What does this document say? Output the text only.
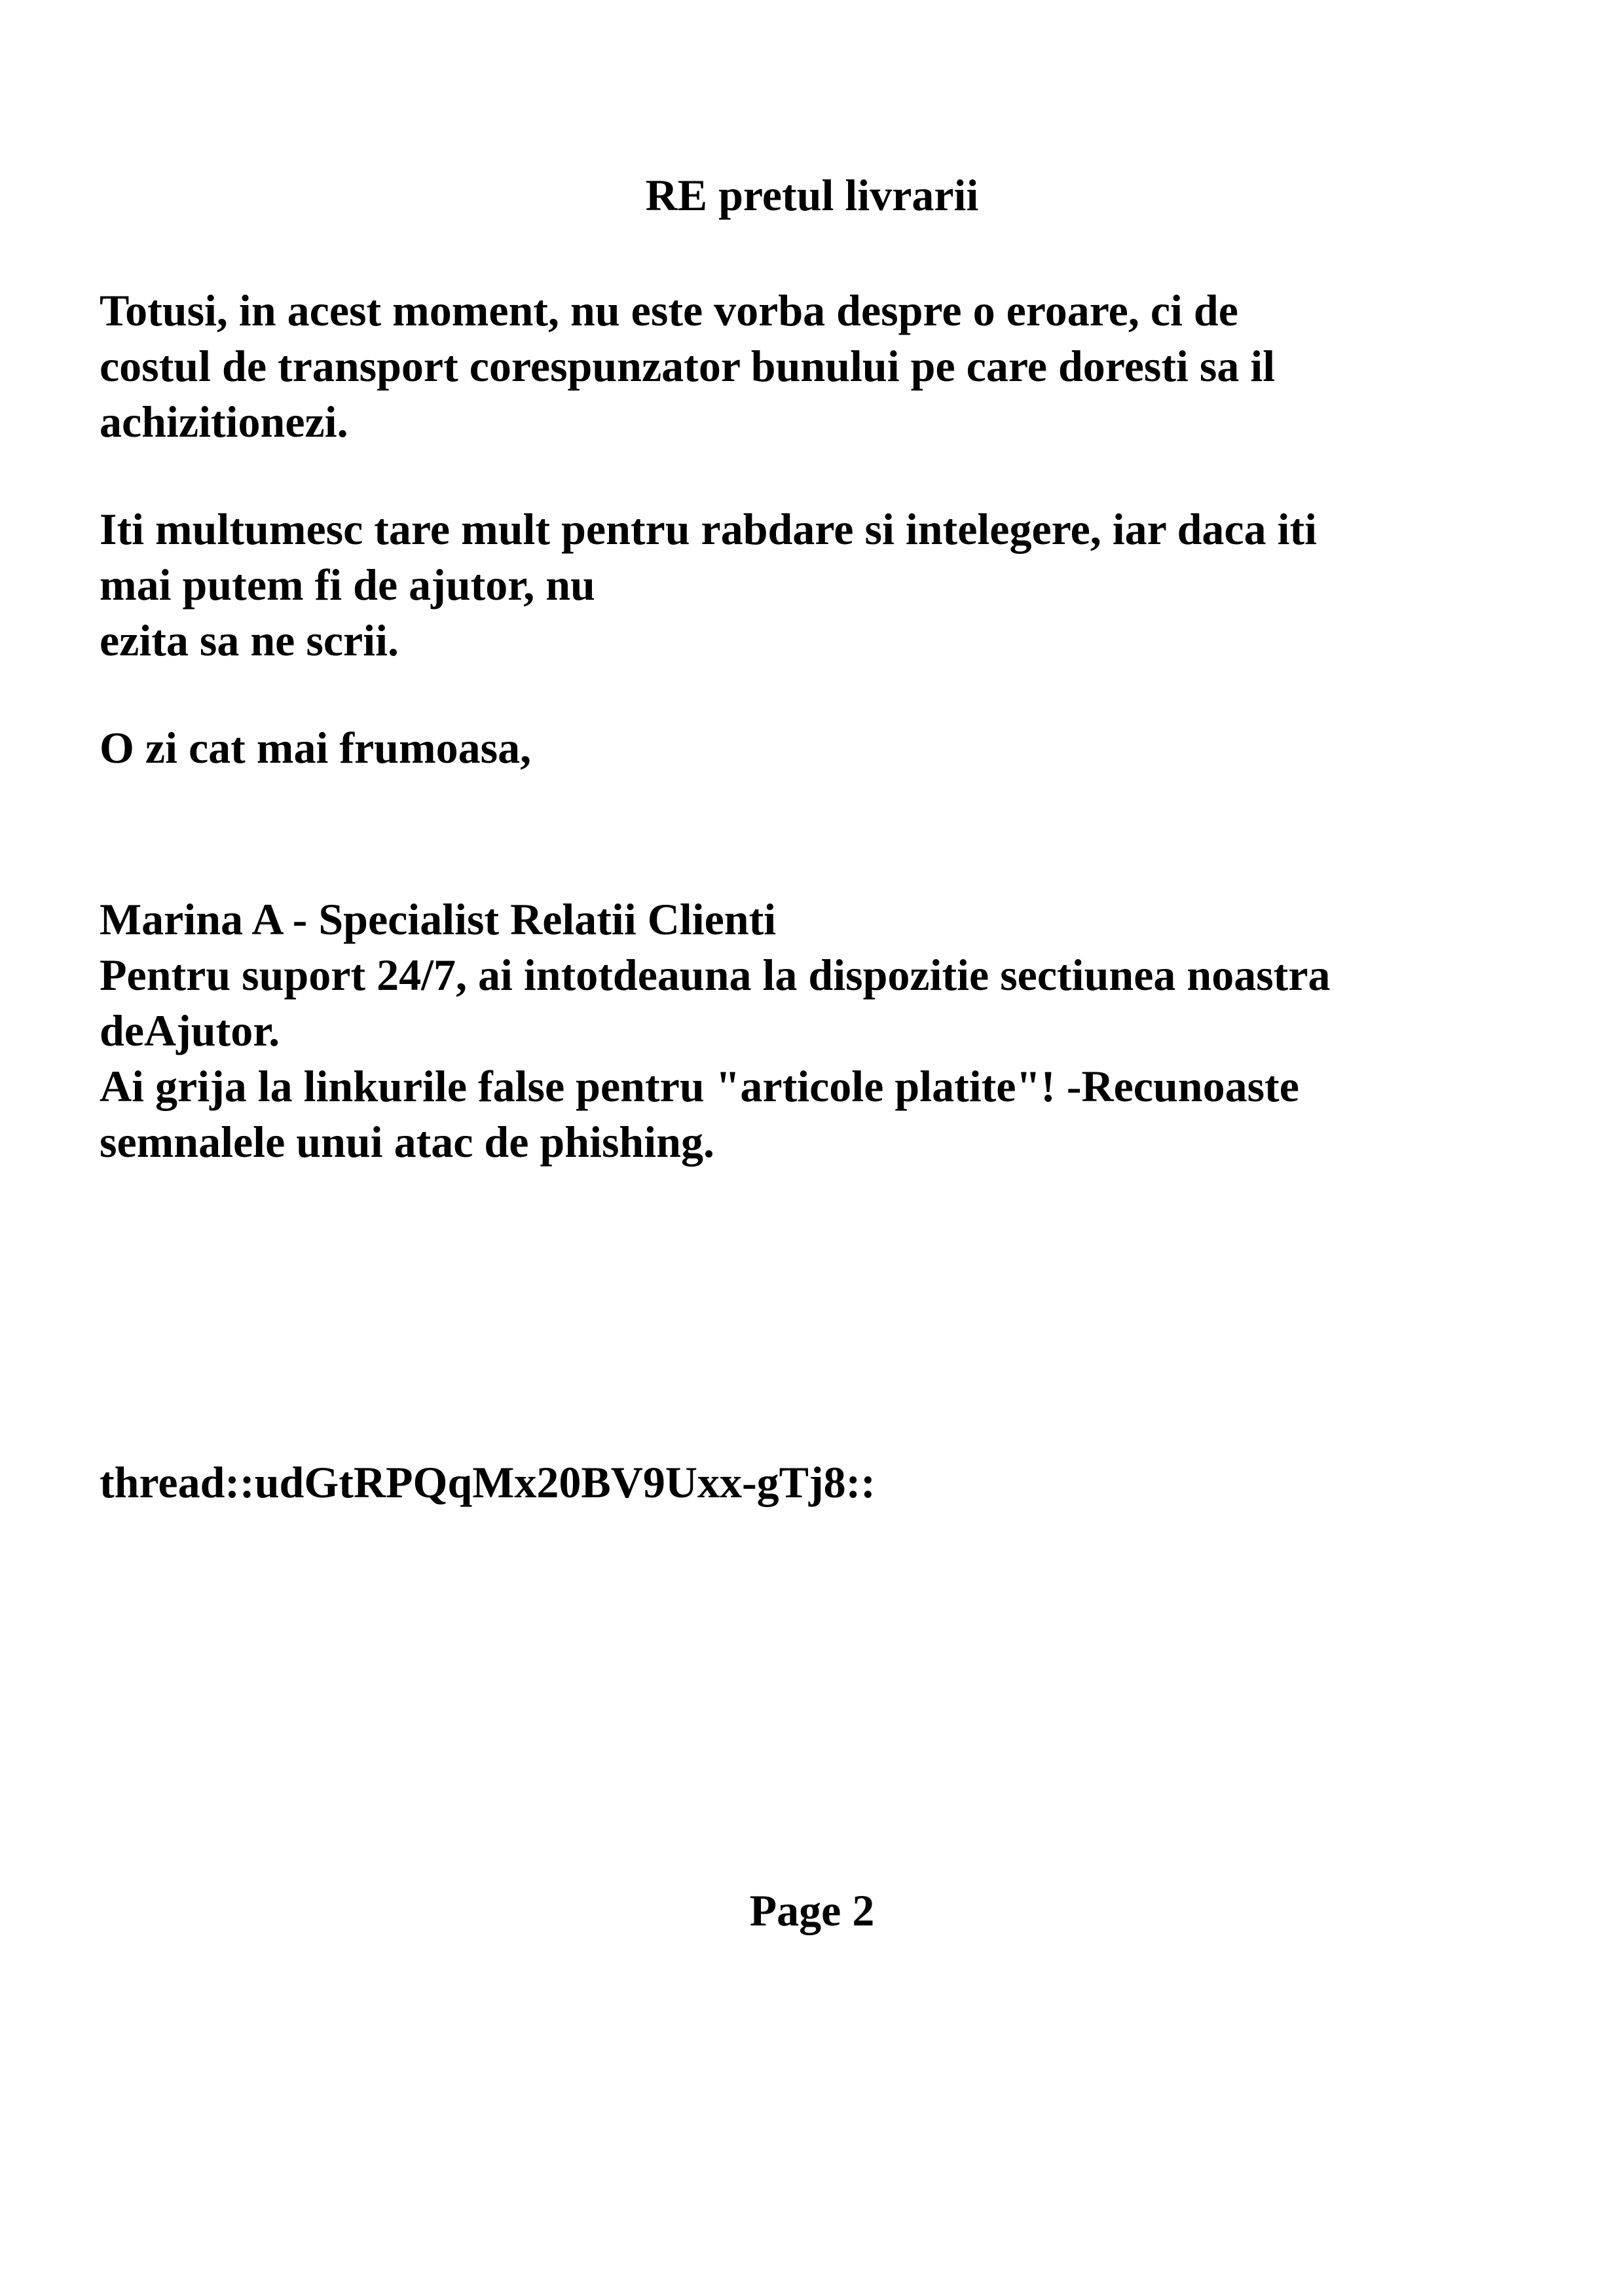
RE pretul livrarii

Totusi, in acest moment, nu este vorba despre o eroare, ci de
costul de transport corespunzator bunului pe care doresti sa il
achizitionezi.

Iti multumesc tare mult pentru rabdare si intelegere, iar daca iti
mai putem fi de ajutor, nu
ezita sa ne scrii.

O zi cat mai frumoasa,

Marina A - Specialist Relatii Clienti
Pentru suport 24/7, ai intotdeauna la dispozitie sectiunea noastra
deAjutor.
Ai grija la linkurile false pentru "articole platite"! -Recunoaste
semnalele unui atac de phishing.

thread::udGtRPQqMx20BV9Uxx-gTj8::

Page 2
